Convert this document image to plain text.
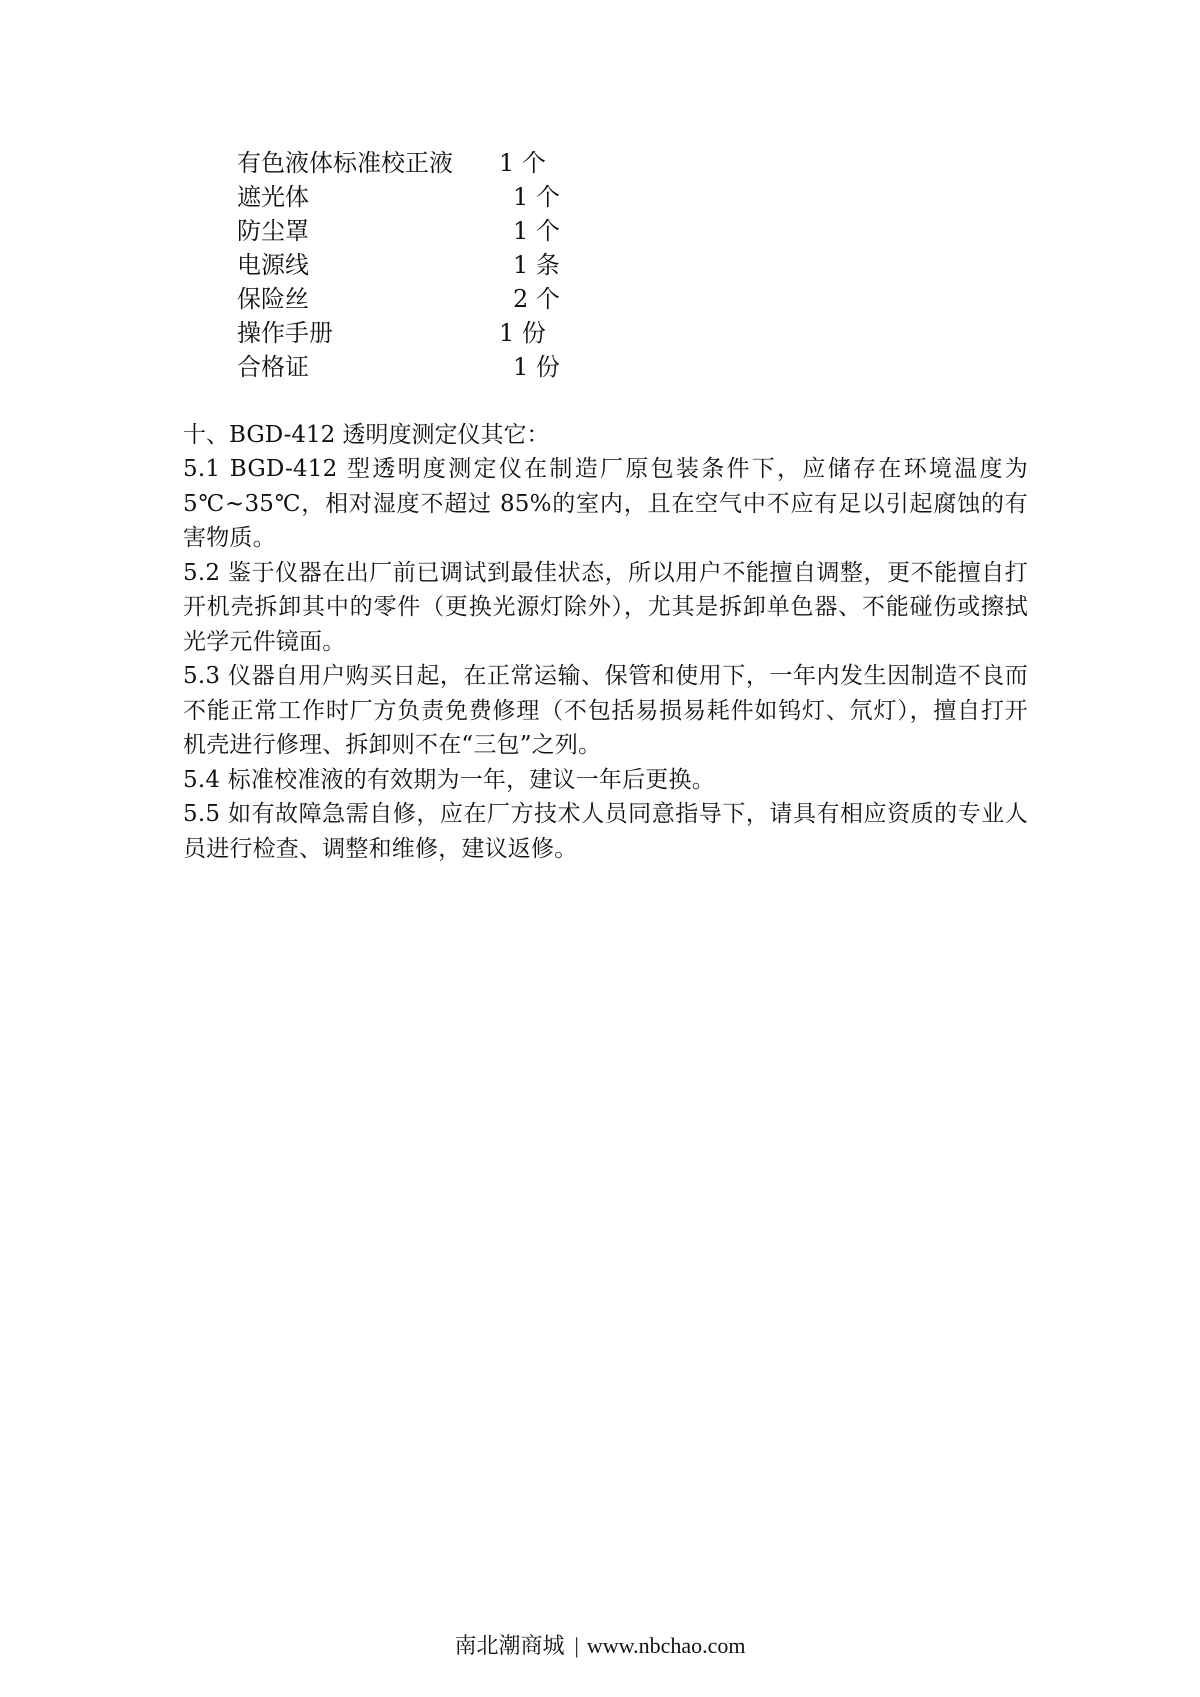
有色液体标准校正液 1 个
遮光体	1 个
防尘罩	1 个
电源线	1 条
保险丝	2 个
操作手册	1 份
合格证	1 份

十、BGD-412 透明度测定仪其它：

5.1 BGD-412 型透明度测定仪在制造厂原包装条件下，应储存在环境温度为 5℃~35℃，相对湿度不超过 85%的室内，且在空气中不应有足以引起腐蚀的有害物质。

5.2 鉴于仪器在出厂前已调试到最佳状态，所以用户不能擅自调整，更不能擅自打开机壳拆卸其中的零件（更换光源灯除外），尤其是拆卸单色器、不能碰伤或擦拭光学元件镜面。

5.3 仪器自用户购买日起，在正常运输、保管和使用下，一年内发生因制造不良而不能正常工作时厂方负责免费修理（不包括易损易耗件如钨灯、氘灯），擅自打开机壳进行修理、拆卸则不在“三包”之列。

5.4 标准校准液的有效期为一年，建议一年后更换。

5.5 如有故障急需自修，应在厂方技术人员同意指导下，请具有相应资质的专业人员进行检查、调整和维修，建议返修。

南北潮商城 | www.nbchao.com
